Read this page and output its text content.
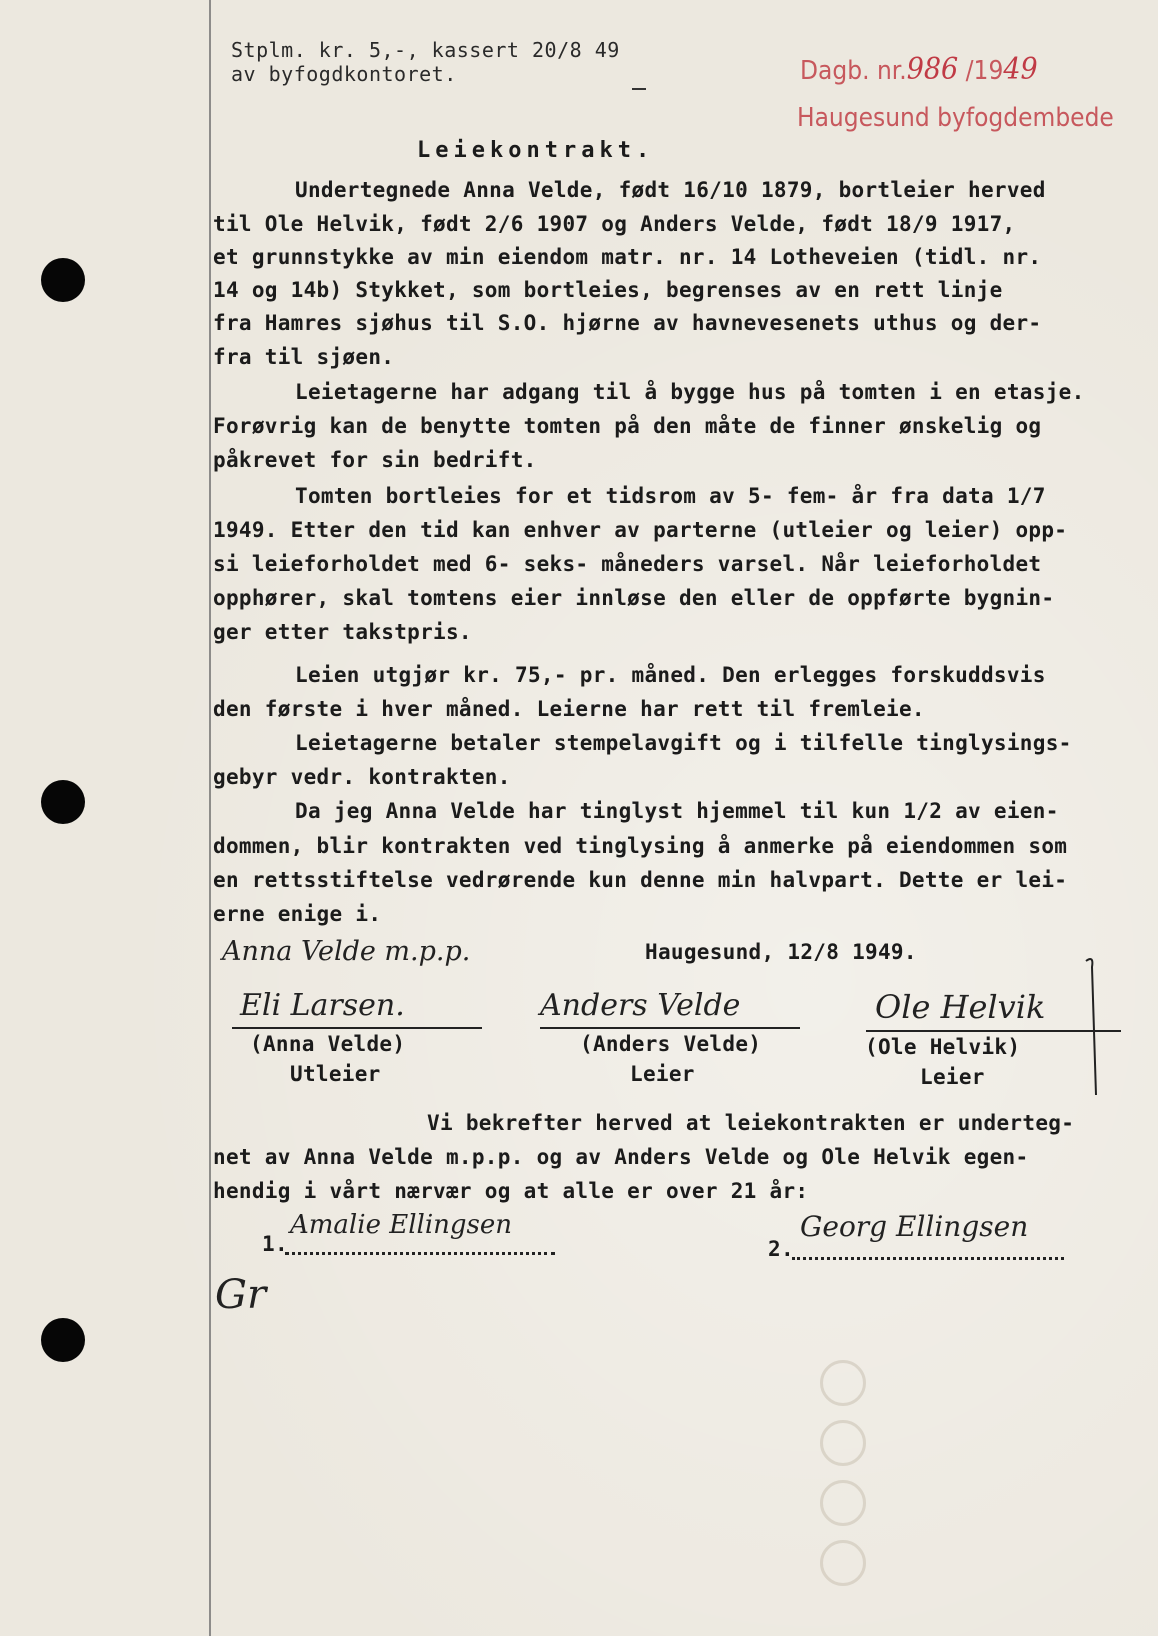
Stplm. kr. 5,-, kassert 20/8 49
av byfogdkontoret.	Dagb. nr.986 /1949
Haugesund byfogdembede
Leiekontrakt.
Undertegnede Anna Velde, født 16/10 1879, bortleier herved
til Ole Helvik, født 2/6 1907 og Anders Velde, født 18/9 1917,
et grunnstykke av min eiendom matr. nr. 14 Lotheveien (tidl. nr.
14 og 14b) Stykket, som bortleies, begrenses av en rett linje
fra Hamres sjøhus til S.O. hjørne av havnevesenets uthus og der-
fra til sjøen.
Leietagerne har adgang til å bygge hus på tomten i en etasje.
Forøvrig kan de benytte tomten på den måte de finner ønskelig og
påkrevet for sin bedrift.
Tomten bortleies for et tidsrom av 5- fem- år fra data 1/7
1949. Etter den tid kan enhver av parterne (utleier og leier) opp-
si leieforholdet med 6- seks- måneders varsel. Når leieforholdet
opphører, skal tomtens eier innløse den eller de oppførte bygnin-
ger etter takstpris.
Leien utgjør kr. 75,- pr. måned. Den erlegges forskuddsvis
den første i hver måned. Leierne har rett til fremleie.
Leietagerne betaler stempelavgift og i tilfelle tinglysings-
gebyr vedr. kontrakten.
Da jeg Anna Velde har tinglyst hjemmel til kun 1/2 av eien-
dommen, blir kontrakten ved tinglysing å anmerke på eiendommen som
en rettsstiftelse vedrørende kun denne min halvpart. Dette er lei-
erne enige i.
Anna Velde m.p.p.	Haugesund, 12/8 1949.
Eli Larsen.
(Anna Velde)
Utleier
Anders Velde
(Anders Velde)
Leier
Ole Helvik
(Ole Helvik)
Leier
Vi bekrefter herved at leiekontrakten er underteg-
net av Anna Velde m.p.p. og av Anders Velde og Ole Helvik egen-
hendig i vårt nærvær og at alle er over 21 år:
1.
Amalie Ellingsen
2.
Georg Ellingsen
Gr
